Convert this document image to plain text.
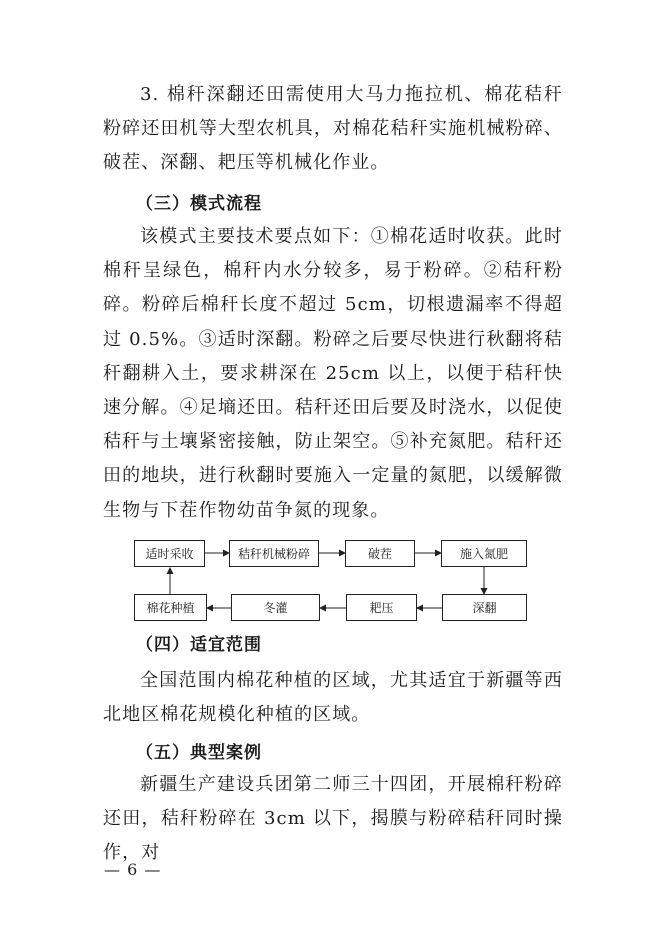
3. 棉秆深翻还田需使用大马力拖拉机、棉花秸秆粉碎还田机等大型农机具，对棉花秸秆实施机械粉碎、破茬、深翻、耙压等机械化作业。

（三）模式流程

该模式主要技术要点如下：①棉花适时收获。此时棉秆呈绿色，棉秆内水分较多，易于粉碎。②秸秆粉碎。粉碎后棉秆长度不超过 5cm，切根遗漏率不得超过 0.5%。③适时深翻。粉碎之后要尽快进行秋翻将秸秆翻耕入土，要求耕深在 25cm 以上，以便于秸秆快速分解。④足墒还田。秸秆还田后要及时浇水，以促使秸秆与土壤紧密接触，防止架空。⑤补充氮肥。秸秆还田的地块，进行秋翻时要施入一定量的氮肥，以缓解微生物与下茬作物幼苗争氮的现象。

适时采收	秸秆机械粉碎	破茬	施入氮肥
深翻
耙压
冬灌
棉花种植

（四）适宜范围

全国范围内棉花种植的区域，尤其适宜于新疆等西北地区棉花规模化种植的区域。

（五）典型案例

新疆生产建设兵团第二师三十四团，开展棉秆粉碎还田，秸秆粉碎在 3cm 以下，揭膜与粉碎秸秆同时操作，对

— 6 —
